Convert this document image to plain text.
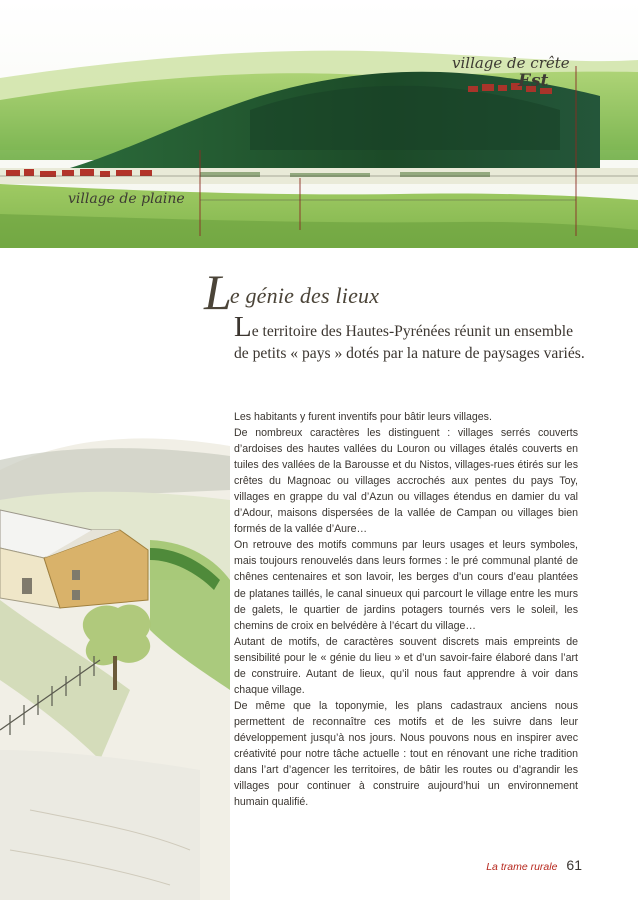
village de crête
Est
village de plaine
Le génie des lieux
Le territoire des Hautes-Pyrénées réunit un ensemble de petits « pays » dotés par la nature de paysages variés.

Les habitants y furent inventifs pour bâtir leurs villages.

De nombreux caractères les distinguent : villages serrés couverts d’ardoises des hautes vallées du Louron ou villages étalés couverts en tuiles des vallées de la Barousse et du Nistos, villages-rues étirés sur les crêtes du Magnoac ou villages accrochés aux pentes du pays Toy, villages en grappe du val d’Azun ou villages étendus en damier du val d’Adour, maisons dispersées de la vallée de Campan ou villages bien formés de la vallée d’Aure…

On retrouve des motifs communs par leurs usages et leurs symboles, mais toujours renouvelés dans leurs formes : le pré communal planté de chênes centenaires et son lavoir, les berges d’un cours d’eau plantées de platanes taillés, le canal sinueux qui parcourt le village entre les murs de galets, le quartier de jardins potagers tournés vers le soleil, les chemins de croix en belvédère à l’écart du village…

Autant de motifs, de caractères souvent discrets mais empreints de sensibilité pour le « génie du lieu » et d’un savoir-faire élaboré dans l’art de construire. Autant de lieux, qu’il nous faut apprendre à voir dans chaque village.

De même que la toponymie, les plans cadastraux anciens nous permettent de reconnaître ces motifs et de les suivre dans leur développement jusqu’à nos jours. Nous pouvons nous en inspirer avec créativité pour notre tâche actuelle : tout en rénovant une riche tradition dans l’art d’agencer les territoires, de bâtir les routes ou d’agrandir les villages pour continuer à construire aujourd’hui un environnement humain qualifié.

La trame rurale 61
